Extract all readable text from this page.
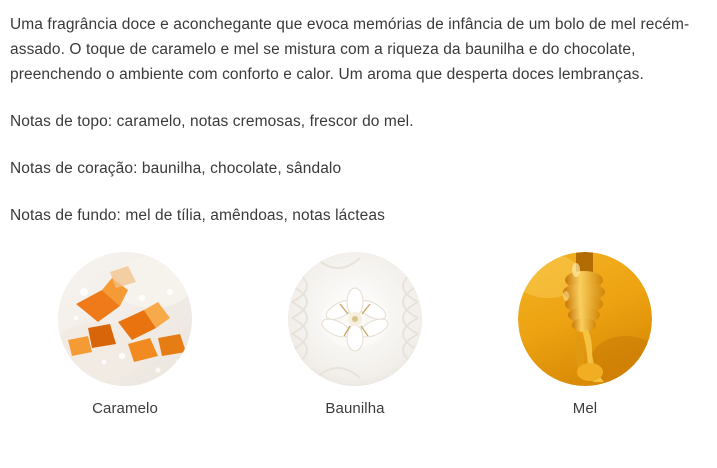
Uma fragrância doce e aconchegante que evoca memórias de infância de um bolo de mel recém-assado. O toque de caramelo e mel se mistura com a riqueza da baunilha e do chocolate, preenchendo o ambiente com conforto e calor. Um aroma que desperta doces lembranças.

Notas de topo: caramelo, notas cremosas, frescor do mel.

Notas de coração: baunilha, chocolate, sândalo

Notas de fundo: mel de tília, amêndoas, notas lácteas

Caramelo	Baunilha	Mel
